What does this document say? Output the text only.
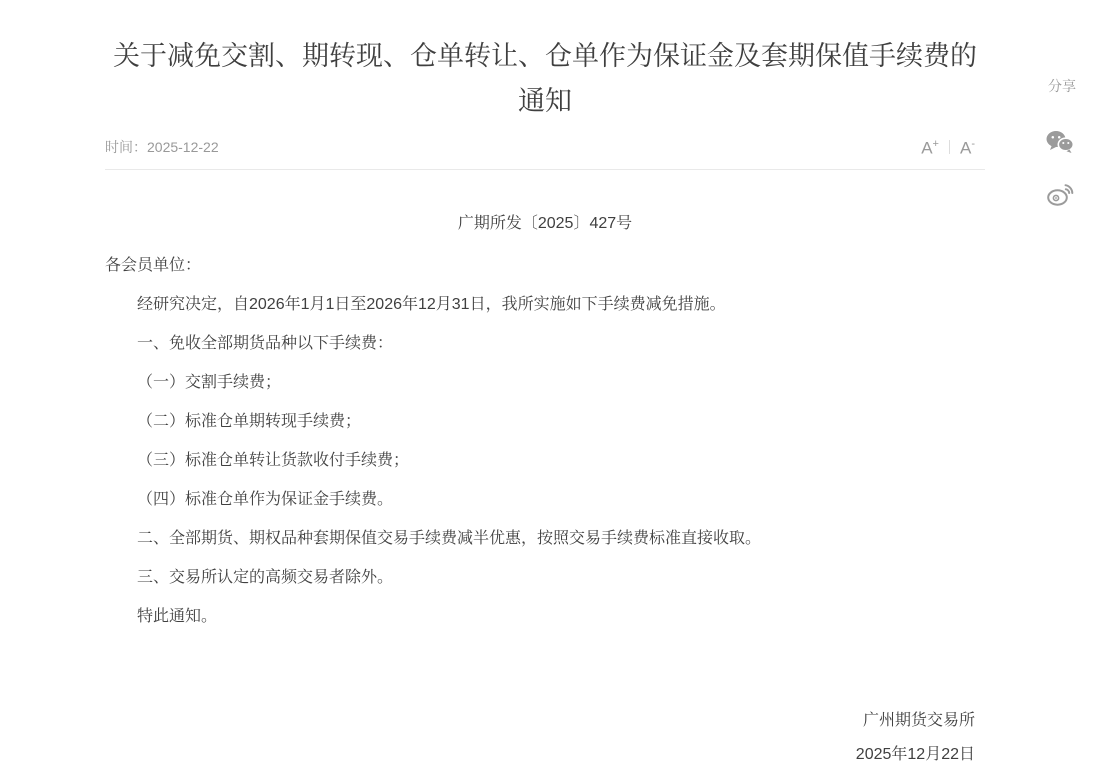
关于减免交割、期转现、仓单转让、仓单作为保证金及套期保值手续费的通知
时间：2025-12-22	A+	A-
广期所发〔2025〕427号

各会员单位：

经研究决定，自2026年1月1日至2026年12月31日，我所实施如下手续费减免措施。

一、免收全部期货品种以下手续费：

（一）交割手续费；

（二）标准仓单期转现手续费；

（三）标准仓单转让货款收付手续费；

（四）标准仓单作为保证金手续费。

二、全部期货、期权品种套期保值交易手续费减半优惠，按照交易手续费标准直接收取。

三、交易所认定的高频交易者除外。

特此通知。

广州期货交易所

2025年12月22日

分享
